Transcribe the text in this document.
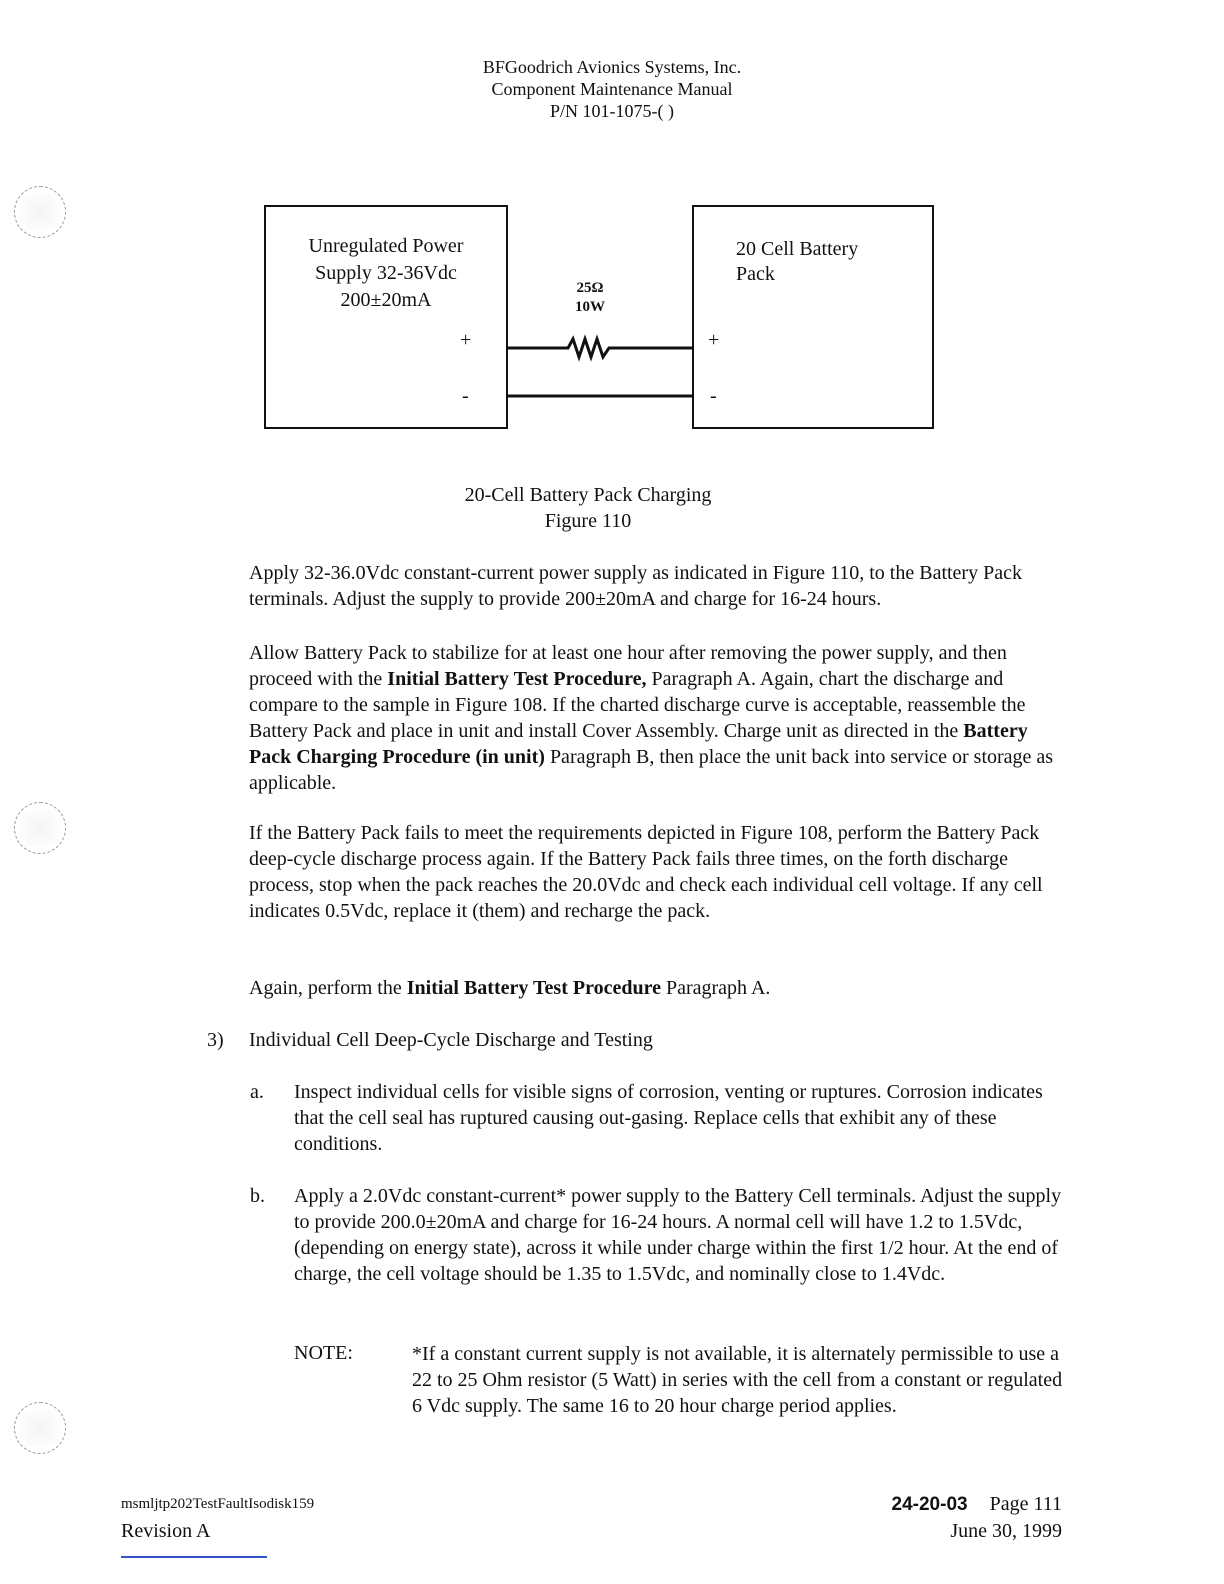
BFGoodrich Avionics Systems, Inc.
Component Maintenance Manual
P/N 101-1075-( )
Unregulated Power
Supply 32-36Vdc
200±20mA
+
-
25Ω
10W
20 Cell Battery
Pack
+
-
20-Cell Battery Pack Charging
Figure 110
Apply 32-36.0Vdc constant-current power supply as indicated in Figure 110, to the Battery Pack terminals. Adjust the supply to provide 200±20mA and charge for 16-24 hours.
Allow Battery Pack to stabilize for at least one hour after removing the power supply, and then proceed with the Initial Battery Test Procedure, Paragraph A. Again, chart the discharge and compare to the sample in Figure 108. If the charted discharge curve is acceptable, reassemble the Battery Pack and place in unit and install Cover Assembly. Charge unit as directed in the Battery Pack Charging Procedure (in unit) Paragraph B, then place the unit back into service or storage as applicable.
If the Battery Pack fails to meet the requirements depicted in Figure 108, perform the Battery Pack deep-cycle discharge process again. If the Battery Pack fails three times, on the forth discharge process, stop when the pack reaches the 20.0Vdc and check each individual cell voltage. If any cell indicates 0.5Vdc, replace it (them) and recharge the pack.
Again, perform the Initial Battery Test Procedure Paragraph A.
3) Individual Cell Deep-Cycle Discharge and Testing
a. Inspect individual cells for visible signs of corrosion, venting or ruptures. Corrosion indicates that the cell seal has ruptured causing out-gasing. Replace cells that exhibit any of these conditions.
b. Apply a 2.0Vdc constant-current* power supply to the Battery Cell terminals. Adjust the supply to provide 200.0±20mA and charge for 16-24 hours. A normal cell will have 1.2 to 1.5Vdc, (depending on energy state), across it while under charge within the first 1/2 hour. At the end of charge, the cell voltage should be 1.35 to 1.5Vdc, and nominally close to 1.4Vdc.
NOTE:	*If a constant current supply is not available, it is alternately permissible to use a 22 to 25 Ohm resistor (5 Watt) in series with the cell from a constant or regulated 6 Vdc supply. The same 16 to 20 hour charge period applies.
msmljtp202TestFaultIsodisk159
Revision A
24-20-03 Page 111
June 30, 1999
